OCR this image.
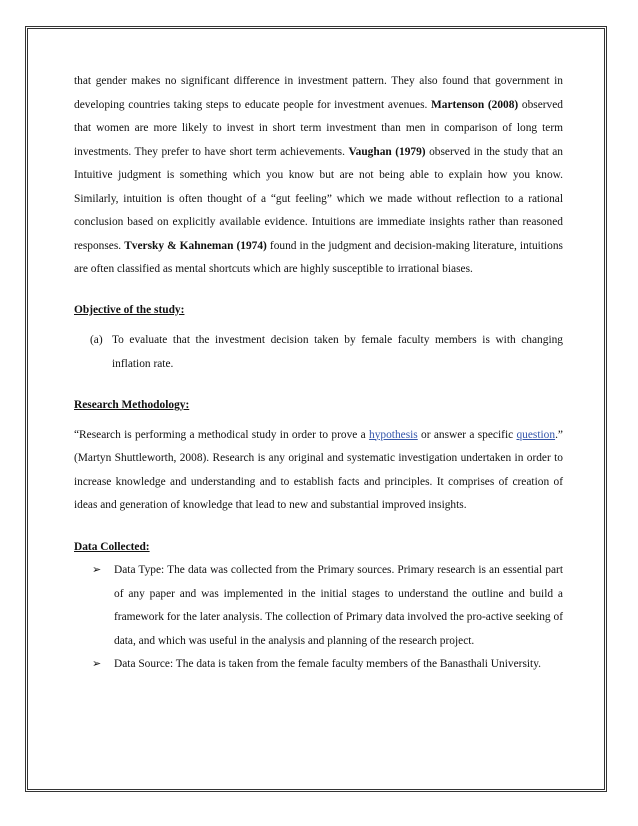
that gender makes no significant difference in investment pattern. They also found that government in developing countries taking steps to educate people for investment avenues. Martenson (2008) observed that women are more likely to invest in short term investment than men in comparison of long term investments. They prefer to have short term achievements. Vaughan (1979) observed in the study that an Intuitive judgment is something which you know but are not being able to explain how you know. Similarly, intuition is often thought of a “gut feeling” which we made without reflection to a rational conclusion based on explicitly available evidence. Intuitions are immediate insights rather than reasoned responses. Tversky & Kahneman (1974) found in the judgment and decision-making literature, intuitions are often classified as mental shortcuts which are highly susceptible to irrational biases.

Objective of the study:

(a) To evaluate that the investment decision taken by female faculty members is with changing inflation rate.

Research Methodology:

“Research is performing a methodical study in order to prove a hypothesis or answer a specific question.” (Martyn Shuttleworth, 2008). Research is any original and systematic investigation undertaken in order to increase knowledge and understanding and to establish facts and principles. It comprises of creation of ideas and generation of knowledge that lead to new and substantial improved insights.

Data Collected:

➢ Data Type: The data was collected from the Primary sources. Primary research is an essential part of any paper and was implemented in the initial stages to understand the outline and build a framework for the later analysis. The collection of Primary data involved the pro-active seeking of data, and which was useful in the analysis and planning of the research project.
➢ Data Source: The data is taken from the female faculty members of the Banasthali University.
